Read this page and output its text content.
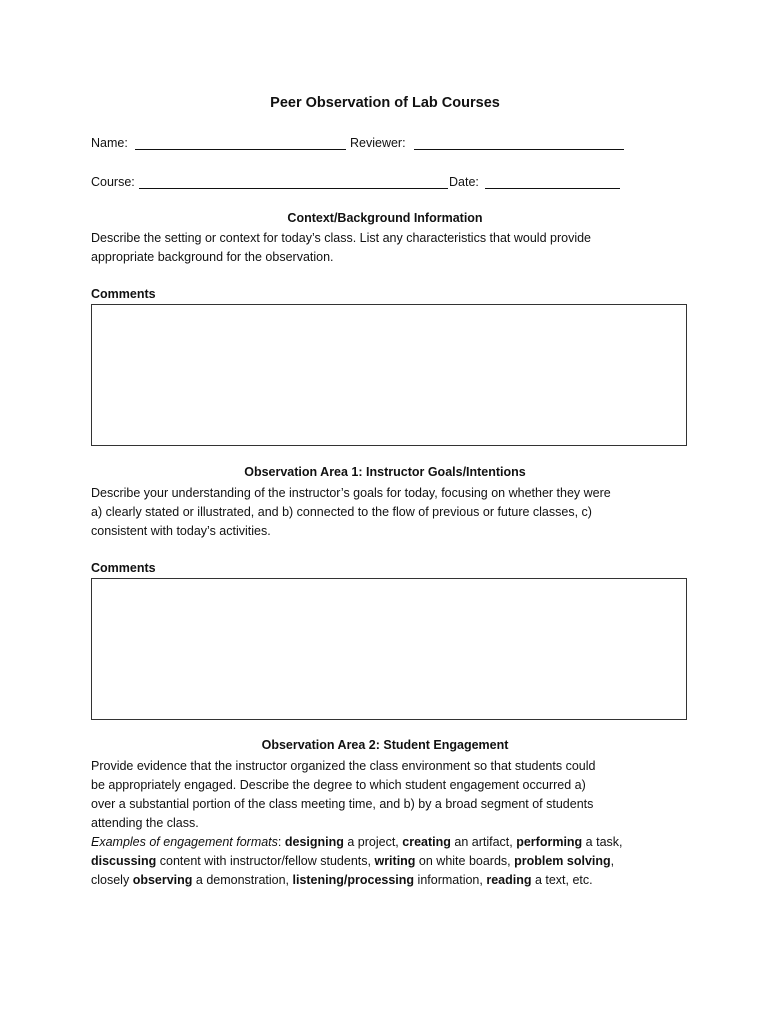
Peer Observation of Lab Courses
Name:	Reviewer:
Course:	Date:
Context/Background Information
Describe the setting or context for today’s class. List any characteristics that would provide
appropriate background for the observation.
Comments
Observation Area 1: Instructor Goals/Intentions
Describe your understanding of the instructor’s goals for today, focusing on whether they were
a) clearly stated or illustrated, and b) connected to the flow of previous or future classes, c)
consistent with today’s activities.
Comments
Observation Area 2: Student Engagement
Provide evidence that the instructor organized the class environment so that students could
be appropriately engaged. Describe the degree to which student engagement occurred a)
over a substantial portion of the class meeting time, and b) by a broad segment of students
attending the class.
Examples of engagement formats: designing a project, creating an artifact, performing a task,
discussing content with instructor/fellow students, writing on white boards, problem solving,
closely observing a demonstration, listening/processing information, reading a text, etc.
